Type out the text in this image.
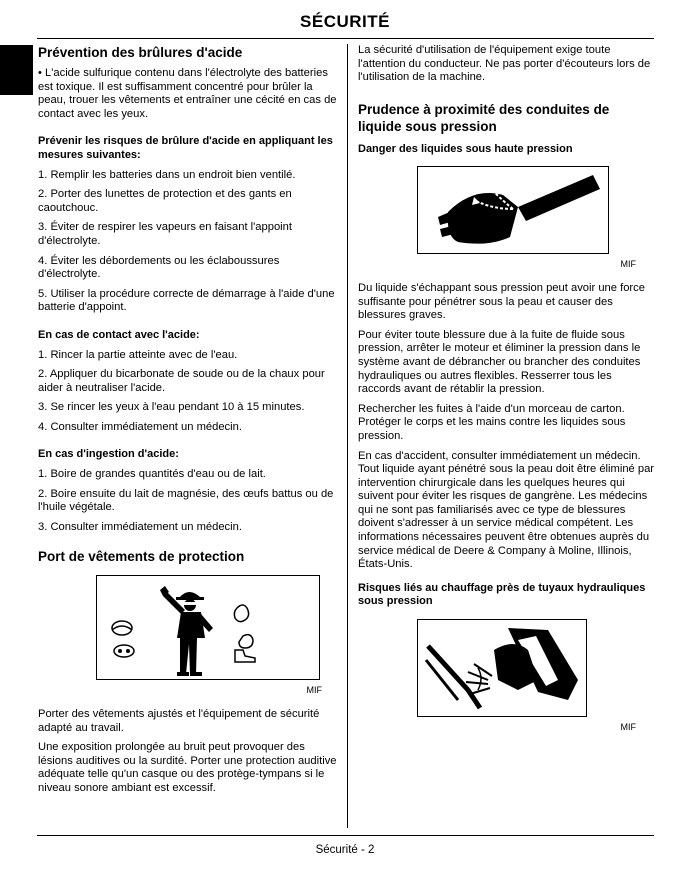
SÉCURITÉ
Prévention des brûlures d'acide

• L'acide sulfurique contenu dans l'électrolyte des batteries est toxique. Il est suffisamment concentré pour brûler la peau, trouer les vêtements et entraîner une cécité en cas de contact avec les yeux.

Prévenir les risques de brûlure d'acide en appliquant les mesures suivantes:

1. Remplir les batteries dans un endroit bien ventilé.

2. Porter des lunettes de protection et des gants en caoutchouc.

3. Éviter de respirer les vapeurs en faisant l'appoint d'électrolyte.

4. Éviter les débordements ou les éclaboussures d'électrolyte.

5. Utiliser la procédure correcte de démarrage à l'aide d'une batterie d'appoint.

En cas de contact avec l'acide:

1. Rincer la partie atteinte avec de l'eau.

2. Appliquer du bicarbonate de soude ou de la chaux pour aider à neutraliser l'acide.

3. Se rincer les yeux à l'eau pendant 10 à 15 minutes.

4. Consulter immédiatement un médecin.

En cas d'ingestion d'acide:

1. Boire de grandes quantités d'eau ou de lait.

2. Boire ensuite du lait de magnésie, des œufs battus ou de l'huile végétale.

3. Consulter immédiatement un médecin.

Port de vêtements de protection
MIF

Porter des vêtements ajustés et l'équipement de sécurité adapté au travail.

Une exposition prolongée au bruit peut provoquer des lésions auditives ou la surdité. Porter une protection auditive adéquate telle qu'un casque ou des protège-tympans si le niveau sonore ambiant est excessif.

La sécurité d'utilisation de l'équipement exige toute l'attention du conducteur. Ne pas porter d'écouteurs lors de l'utilisation de la machine.

Prudence à proximité des conduites de liquide sous pression
Danger des liquides sous haute pression
MIF

Du liquide s'échappant sous pression peut avoir une force suffisante pour pénétrer sous la peau et causer des blessures graves.

Pour éviter toute blessure due à la fuite de fluide sous pression, arrêter le moteur et éliminer la pression dans le système avant de débrancher ou brancher des conduites hydrauliques ou autres flexibles. Resserrer tous les raccords avant de rétablir la pression.

Rechercher les fuites à l'aide d'un morceau de carton. Protéger le corps et les mains contre les liquides sous pression.

En cas d'accident, consulter immédiatement un médecin. Tout liquide ayant pénétré sous la peau doit être éliminé par intervention chirurgicale dans les quelques heures qui suivent pour éviter les risques de gangrène. Les médecins qui ne sont pas familiarisés avec ce type de blessures doivent s'adresser à un service médical compétent. Les informations nécessaires peuvent être obtenues auprès du service médical de Deere & Company à Moline, Illinois, États-Unis.

Risques liés au chauffage près de tuyaux hydrauliques sous pression
MIF
Sécurité - 2
